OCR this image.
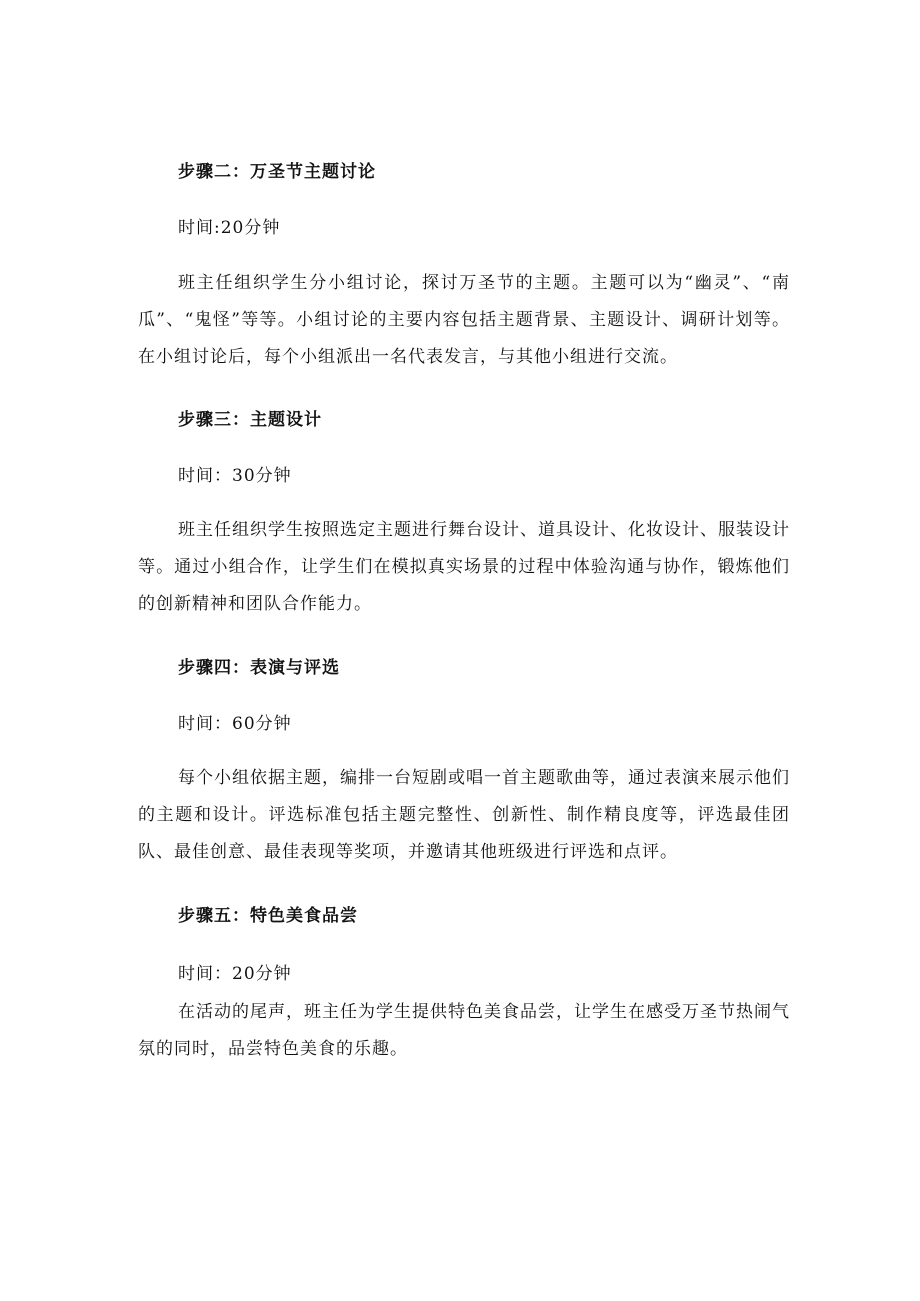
步骤二：万圣节主题讨论
时间:20分钟

班主任组织学生分小组讨论，探讨万圣节的主题。主题可以为“幽灵”、“南瓜”、“鬼怪”等等。小组讨论的主要内容包括主题背景、主题设计、调研计划等。在小组讨论后，每个小组派出一名代表发言，与其他小组进行交流。

步骤三：主题设计
时间：30分钟

班主任组织学生按照选定主题进行舞台设计、道具设计、化妆设计、服装设计等。通过小组合作，让学生们在模拟真实场景的过程中体验沟通与协作，锻炼他们的创新精神和团队合作能力。

步骤四：表演与评选
时间：60分钟

每个小组依据主题，编排一台短剧或唱一首主题歌曲等，通过表演来展示他们的主题和设计。评选标准包括主题完整性、创新性、制作精良度等，评选最佳团队、最佳创意、最佳表现等奖项，并邀请其他班级进行评选和点评。

步骤五：特色美食品尝
时间：20分钟

在活动的尾声，班主任为学生提供特色美食品尝，让学生在感受万圣节热闹气氛的同时，品尝特色美食的乐趣。
